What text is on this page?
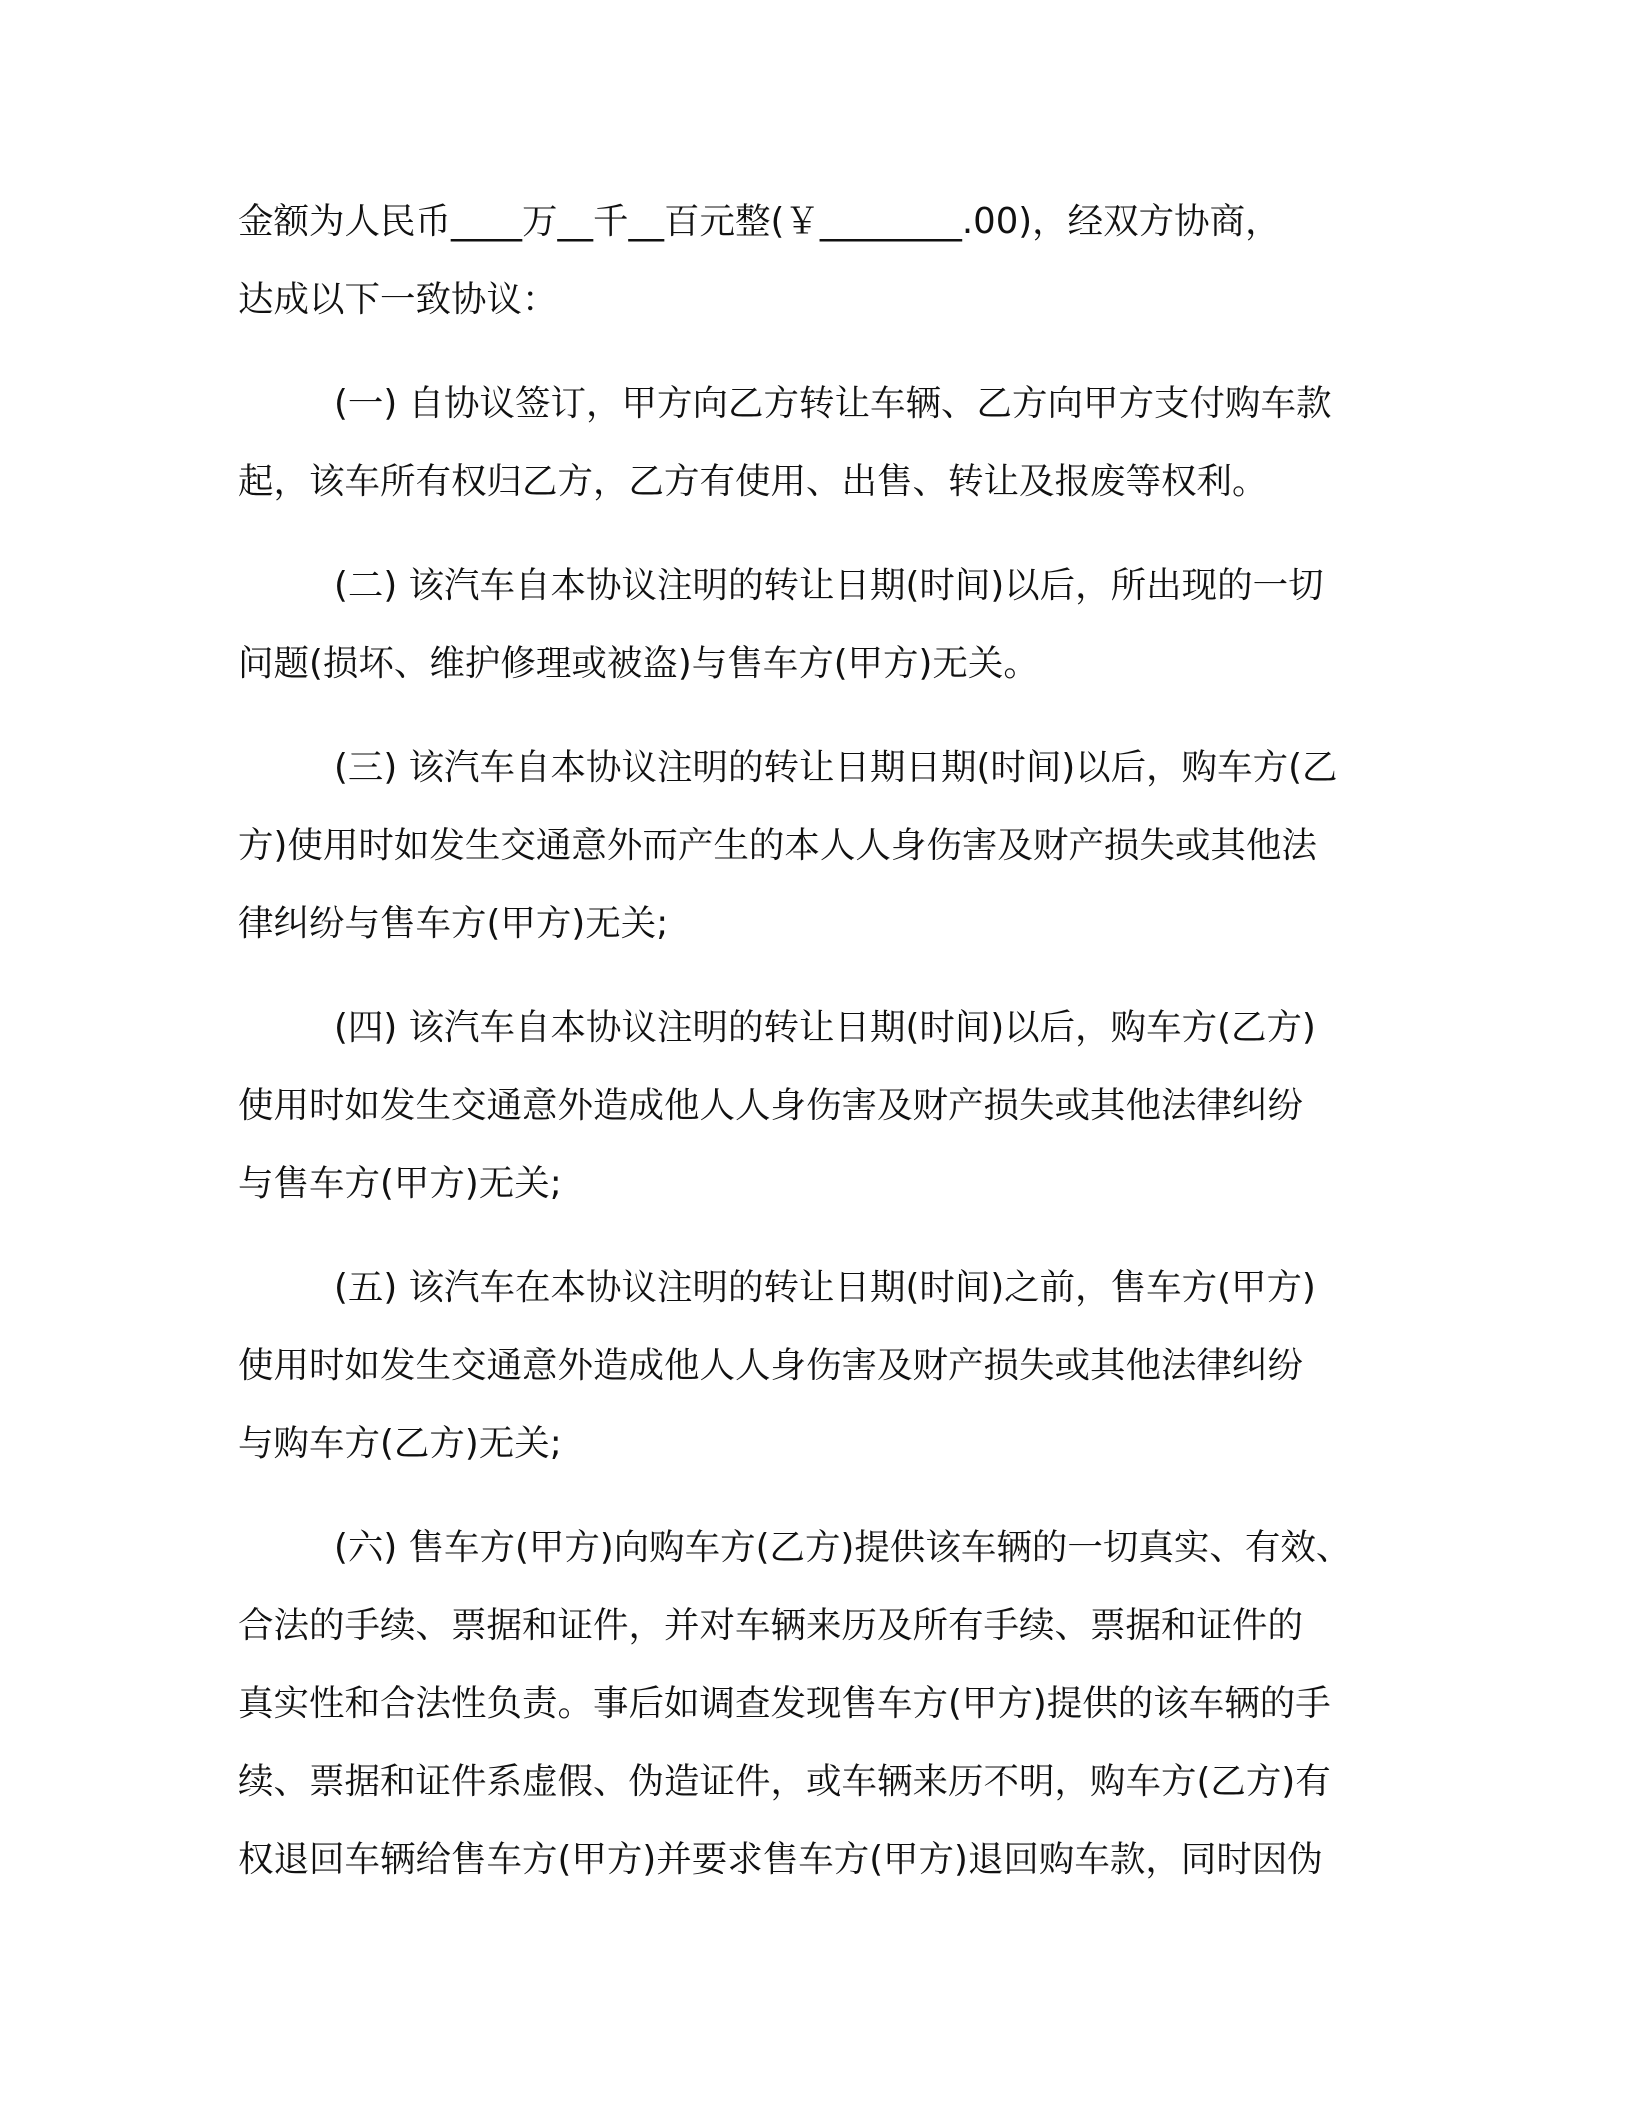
金额为人民币____万__千__百元整(￥________.00)，经双方协商，
达成以下一致协议：
(一) 自协议签订，甲方向乙方转让车辆、乙方向甲方支付购车款
起，该车所有权归乙方，乙方有使用、出售、转让及报废等权利。
(二) 该汽车自本协议注明的转让日期(时间)以后，所出现的一切
问题(损坏、维护修理或被盗)与售车方(甲方)无关。
(三) 该汽车自本协议注明的转让日期日期(时间)以后，购车方(乙
方)使用时如发生交通意外而产生的本人人身伤害及财产损失或其他法
律纠纷与售车方(甲方)无关;
(四) 该汽车自本协议注明的转让日期(时间)以后，购车方(乙方)
使用时如发生交通意外造成他人人身伤害及财产损失或其他法律纠纷
与售车方(甲方)无关;
(五) 该汽车在本协议注明的转让日期(时间)之前，售车方(甲方)
使用时如发生交通意外造成他人人身伤害及财产损失或其他法律纠纷
与购车方(乙方)无关;
(六) 售车方(甲方)向购车方(乙方)提供该车辆的一切真实、有效、
合法的手续、票据和证件，并对车辆来历及所有手续、票据和证件的
真实性和合法性负责。事后如调查发现售车方(甲方)提供的该车辆的手
续、票据和证件系虚假、伪造证件，或车辆来历不明，购车方(乙方)有
权退回车辆给售车方(甲方)并要求售车方(甲方)退回购车款，同时因伪
